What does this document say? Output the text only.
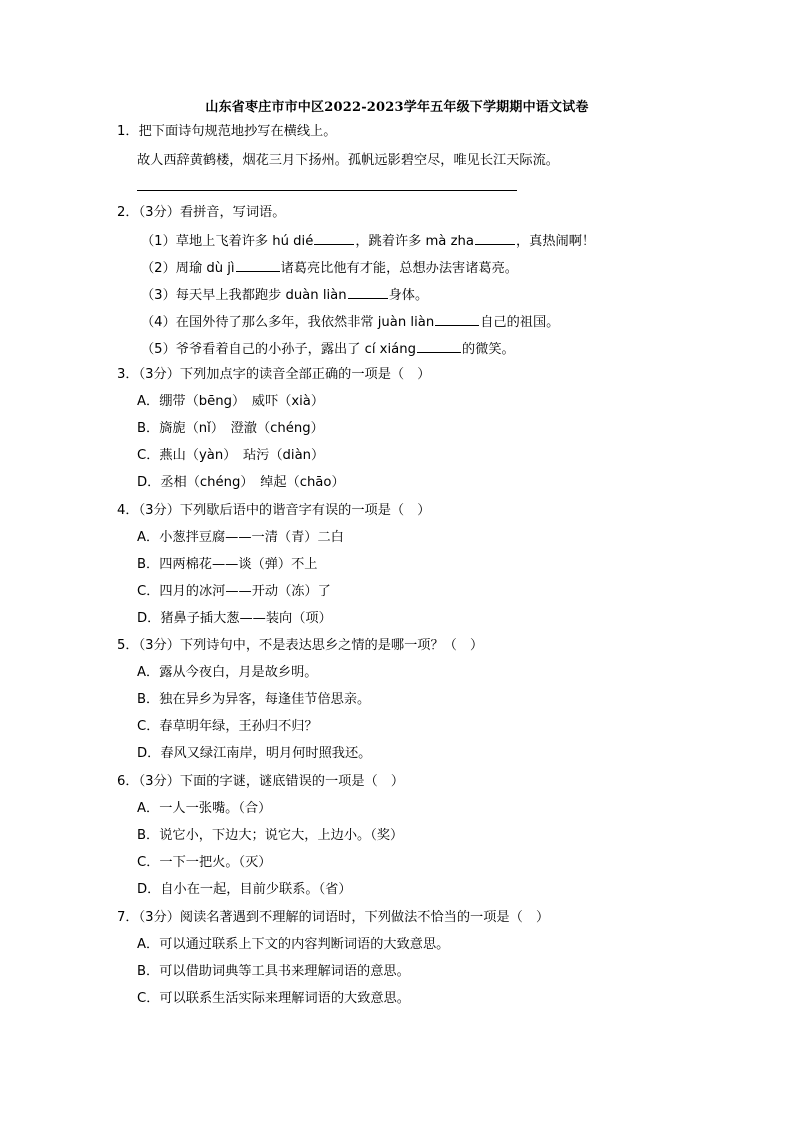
山东省枣庄市市中区2022-2023学年五年级下学期期中语文试卷
1．把下面诗句规范地抄写在横线上。
故人西辞黄鹤楼，烟花三月下扬州。孤帆远影碧空尽，唯见长江天际流。
2．（3分）看拼音，写词语。
（1）草地上飞着许多 hú dié	，跳着许多 mà zha	，真热闹啊！
（2）周瑜 dù jì	诸葛亮比他有才能，总想办法害诸葛亮。
（3）每天早上我都跑步 duàn liàn	身体。
（4）在国外待了那么多年，我依然非常 juàn liàn	自己的祖国。
（5）爷爷看着自己的小孙子，露出了 cí xiáng	的微笑。
3．（3分）下列加点字的读音全部正确的一项是（　）
A．绷带（bēng）　威吓（xià）
B．旖旎（nǐ）　澄澈（chéng）
C．燕山（yàn）　玷污（diàn）
D．丞相（chéng）　绰起（chāo）
4．（3分）下列歇后语中的谐音字有误的一项是（　）
A．小葱拌豆腐——一清（青）二白
B．四两棉花——谈（弹）不上
C．四月的冰河——开动（冻）了
D．猪鼻子插大葱——装向（项）
5．（3分）下列诗句中，不是表达思乡之情的是哪一项？（　）
A．露从今夜白，月是故乡明。
B．独在异乡为异客，每逢佳节倍思亲。
C．春草明年绿，王孙归不归？
D．春风又绿江南岸，明月何时照我还。
6．（3分）下面的字谜，谜底错误的一项是（　）
A．一人一张嘴。（合）
B．说它小，下边大；说它大，上边小。（奖）
C．一下一把火。（灭）
D．自小在一起，目前少联系。（省）
7．（3分）阅读名著遇到不理解的词语时，下列做法不恰当的一项是（　）
A．可以通过联系上下文的内容判断词语的大致意思。
B．可以借助词典等工具书来理解词语的意思。
C．可以联系生活实际来理解词语的大致意思。
